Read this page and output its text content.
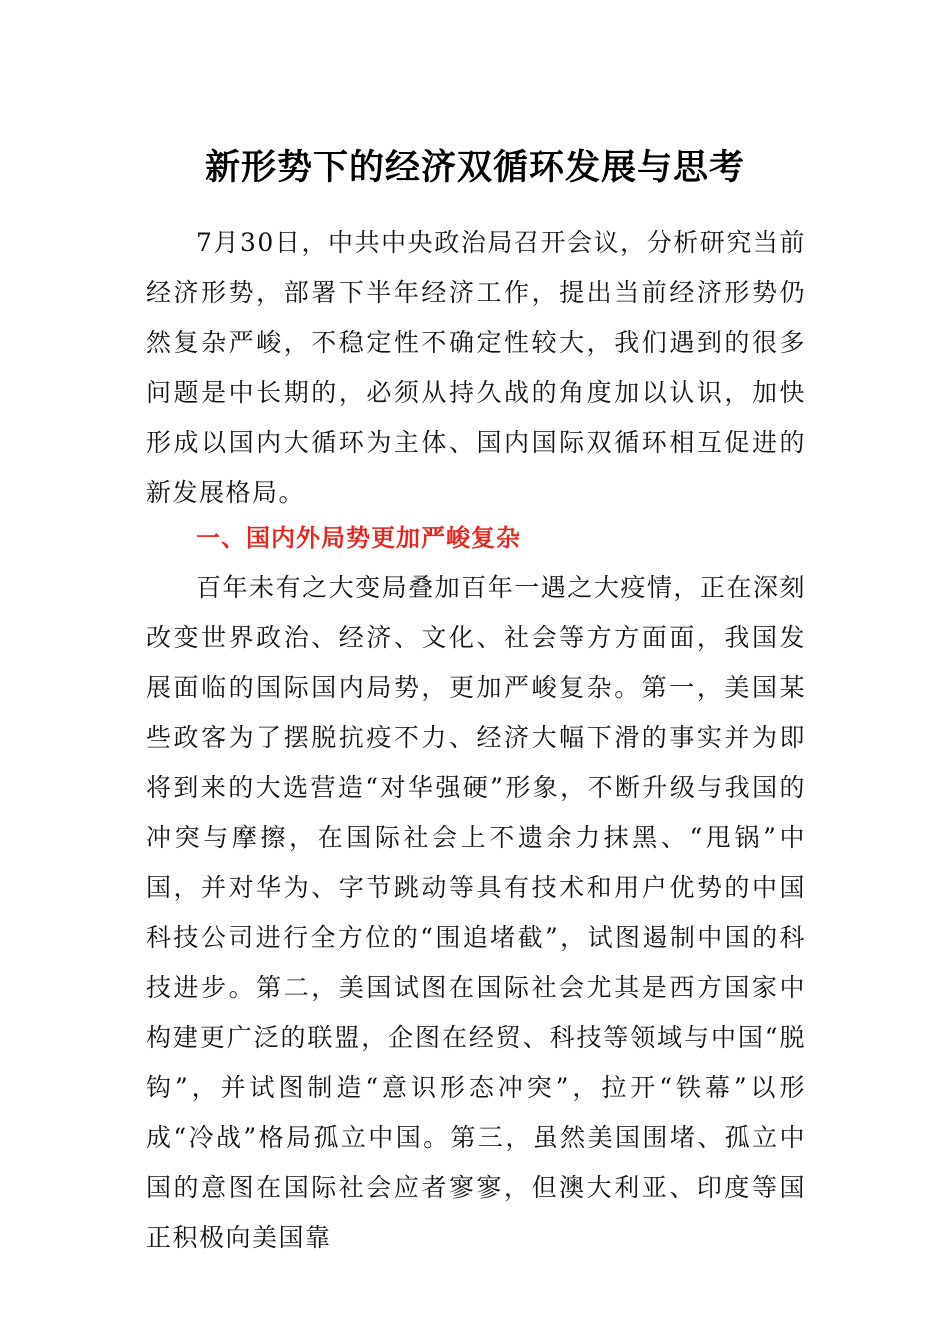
新形势下的经济双循环发展与思考

7月30日，中共中央政治局召开会议，分析研究当前经济形势，部署下半年经济工作，提出当前经济形势仍然复杂严峻，不稳定性不确定性较大，我们遇到的很多问题是中长期的，必须从持久战的角度加以认识，加快形成以国内大循环为主体、国内国际双循环相互促进的新发展格局。

一、国内外局势更加严峻复杂

百年未有之大变局叠加百年一遇之大疫情，正在深刻改变世界政治、经济、文化、社会等方方面面，我国发展面临的国际国内局势，更加严峻复杂。第一，美国某些政客为了摆脱抗疫不力、经济大幅下滑的事实并为即将到来的大选营造“对华强硬”形象，不断升级与我国的冲突与摩擦，在国际社会上不遗余力抹黑、“甩锅”中国，并对华为、字节跳动等具有技术和用户优势的中国科技公司进行全方位的“围追堵截”，试图遏制中国的科技进步。第二，美国试图在国际社会尤其是西方国家中构建更广泛的联盟，企图在经贸、科技等领域与中国“脱钩”，并试图制造“意识形态冲突”，拉开“铁幕”以形成“冷战”格局孤立中国。第三，虽然美国围堵、孤立中国的意图在国际社会应者寥寥，但澳大利亚、印度等国正积极向美国靠
